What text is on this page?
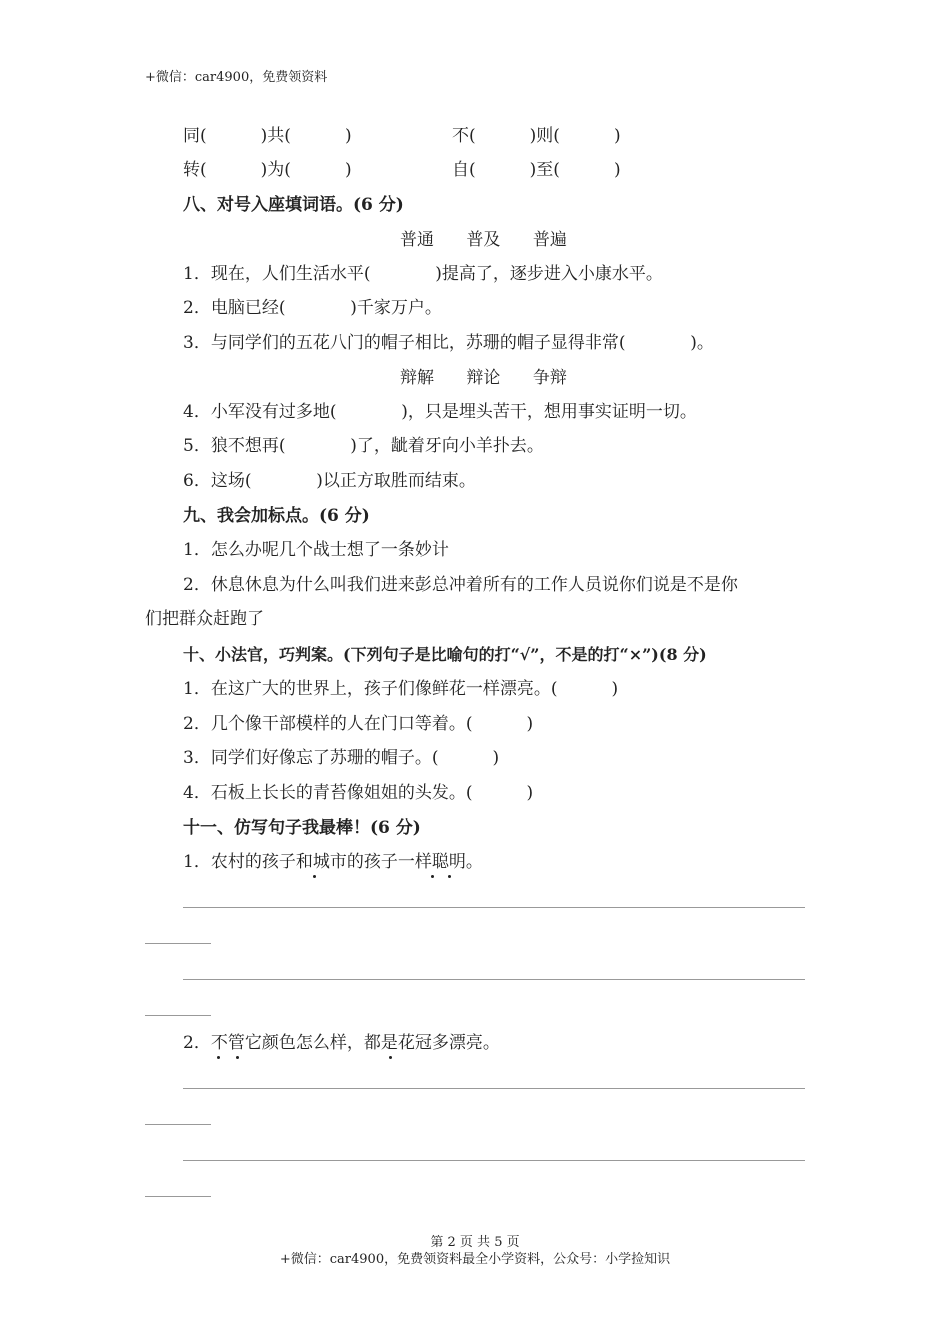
+微信：car4900，免费领资料
同(          )共(          )	不(          )则(          )
转(          )为(          )	自(          )至(          )
八、对号入座填词语。(6 分)
普通      普及      普遍
1．现在，人们生活水平(            )提高了，逐步进入小康水平。
2．电脑已经(            )千家万户。
3．与同学们的五花八门的帽子相比，苏珊的帽子显得非常(            )。
辩解      辩论      争辩
4．小军没有过多地(            )，只是埋头苦干，想用事实证明一切。
5．狼不想再(            )了，龇着牙向小羊扑去。
6．这场(            )以正方取胜而结束。
九、我会加标点。(6 分)
1．怎么办呢几个战士想了一条妙计
2．休息休息为什么叫我们进来彭总冲着所有的工作人员说你们说是不是你
们把群众赶跑了
十、小法官，巧判案。(下列句子是比喻句的打“√”，不是的打“×”)(8 分)
1．在这广大的世界上，孩子们像鲜花一样漂亮。(          )
2．几个像干部模样的人在门口等着。(          )
3．同学们好像忘了苏珊的帽子。(          )
4．石板上长长的青苔像姐姐的头发。(          )
十一、仿写句子我最棒！(6 分)
1．农村的孩子和城市的孩子一样聪明。
2．不管它颜色怎么样，都是花冠多漂亮。
第 2 页 共 5 页
+微信：car4900，免费领资料最全小学资料，公众号：小学捡知识
